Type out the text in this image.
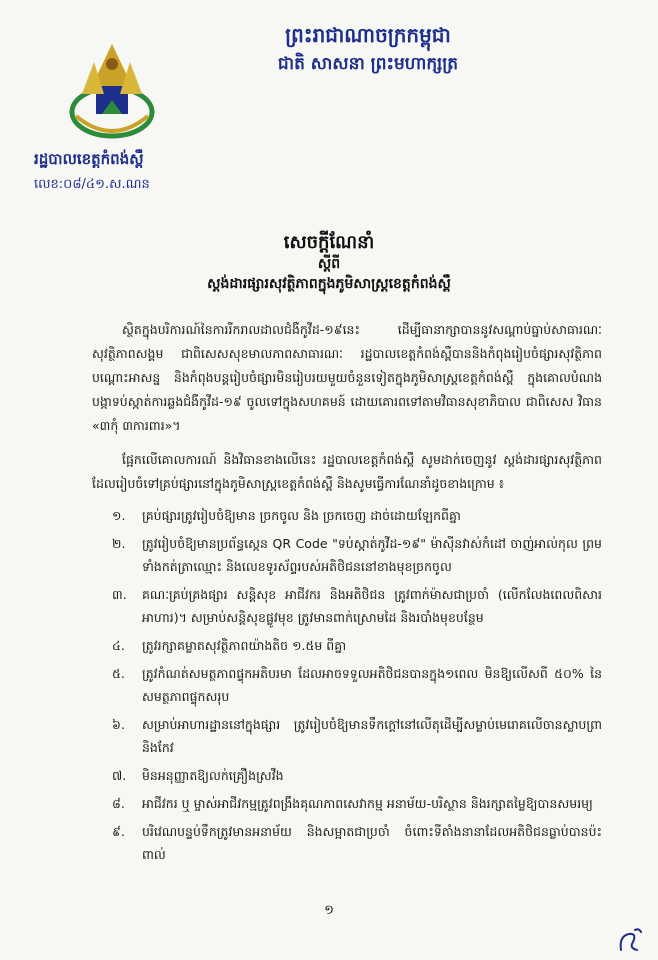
ព្រះរាជាណាចក្រកម្ពុជា
ជាតិ សាសនា ព្រះមហាក្សត្រ
រដ្ឋបាលខេត្តកំពង់ស្ពឺ
លេខ:០៨/៤១.ស.ណន
សេចក្តីណែនាំ
ស្តីពី
ស្តង់ដារផ្សារសុវត្ថិភាពក្នុងភូមិសាស្ត្រខេត្តកំពង់ស្ពឺ
ស្ថិតក្នុងបរិការណ៍នៃការរីករាលដាលជំងឺកូវីដ-១៩នេះ ដើម្បីធានាក្សាបាននូវសណ្តាប់ធ្នាប់សាធារណៈ សុវត្ថិភាពសង្គម ជាពិសេសសុខមាលភាពសាធារណៈ រដ្ឋបាលខេត្តកំពង់ស្ពឺបាននិងកំពុងរៀបចំផ្សារសុវត្ថិភាពបណ្តោះអាសន្ន និងកំពុងបន្តរៀបចំផ្សារមិនរៀបរយមួយចំនួនទៀតក្នុងភូមិសាស្ត្រខេត្តកំពង់ស្ពឺ ក្នុងគោលបំណងបង្កាទប់ស្កាត់ការឆ្លងជំងឺកូវីដ-១៩ ចូលទៅក្នុងសហគមន៍ ដោយគោរពទៅតាមវិធានសុខាភិបាល ជាពិសេស វិធាន «៣កុំ ៣ការពារ»។
ផ្អែកលើគោលការណ៍ និងវិធានខាងលើនេះ រដ្ឋបាលខេត្តកំពង់ស្ពឺ សូមដាក់ចេញនូវ ស្តង់ដារផ្សារសុវត្ថិភាព ដែលរៀបចំទៅគ្រប់ផ្សារនៅក្នុងភូមិសាស្ត្រខេត្តកំពង់ស្ពឺ និងសូមធ្វើការណែនាំដូចខាងក្រោម ៖
១.	គ្រប់ផ្សារត្រូវរៀបចំឱ្យមាន ច្រកចូល និង ច្រកចេញ ដាច់ដោយឡែកពីគ្នា
២.	ត្រូវរៀបចំឱ្យមានប្រព័ន្ធស្កេន QR Code "ទប់ស្កាត់កូវីដ-១៩" ម៉ាស៊ីនវាស់កំដៅ ចាញ់អាល់កុល ព្រមទាំងកត់ត្រាឈ្មោះ និងលេខទូរស័ព្ទរបស់អតិថិជននៅខាងមុខច្រកចូល
៣.	គណៈគ្រប់គ្រងផ្សារ សន្តិសុខ អាជីវករ និងអតិថិជន ត្រូវពាក់ម៉ាសជាប្រចាំ (លើកលែងពេលពិសារអាហារ)។ សម្រាប់សន្តិសុខផ្លូវមុខ ត្រូវមានពាក់ស្រោមដៃ និងរបាំងមុខបន្ថែម
៤.	ត្រូវរក្សាគម្លាតសុវត្ថិភាពយ៉ាងតិច ១.៥ម ពីគ្នា
៥.	ត្រូវកំណត់សមត្ថភាពផ្ទុកអតិបរមា ដែលអាចទទួលអតិថិជនបានក្នុង១ពេល មិនឱ្យលើសពី ៥០% នៃសមត្ថភាពផ្ទុកសរុប
៦.	សម្រាប់អាហារដ្ឋាននៅក្នុងផ្សារ ត្រូវរៀបចំឱ្យមានទឹកក្តៅនៅលើតុដើម្បីសម្លាប់មេរោគលើចានស្លាបព្រា និងកែវ
៧.	មិនអនុញ្ញាតឱ្យលក់គ្រឿងស្រវឹង
៨.	អាជីវករ ឬ ម្ចាស់អាជីវកម្មត្រូវពង្រឹងគុណភាពសេវាកម្ម អនាម័យ-បរិស្ថាន និងរក្សាតម្លៃឱ្យបានសមរម្យ
៩.	បរិវេណបន្ទប់ទឹកត្រូវមានអនាម័យ និងសម្អាតជាប្រចាំ ចំពោះទីតាំងនានាដែលអតិថិជនធ្លាប់បានប៉ះពាល់
១
